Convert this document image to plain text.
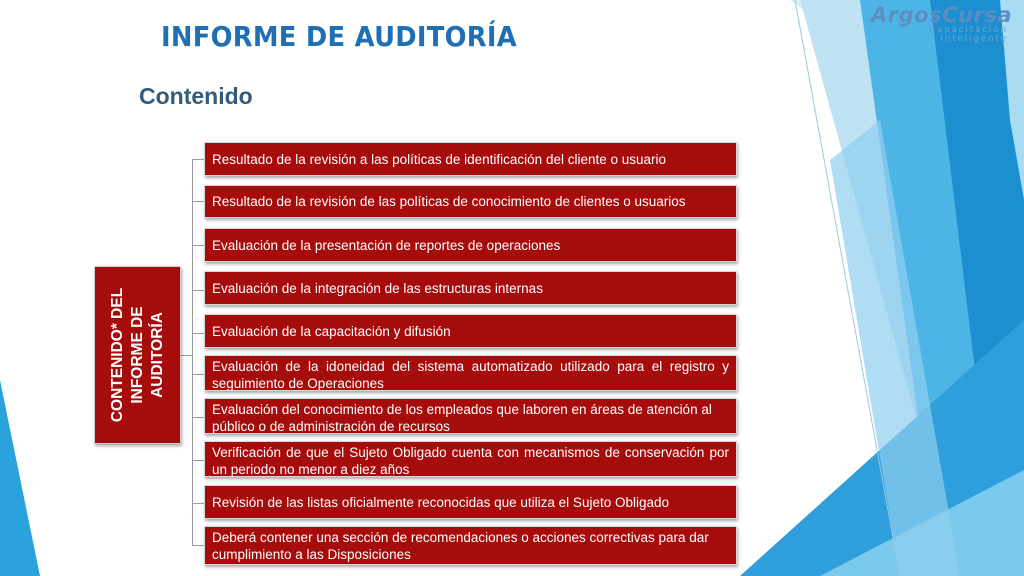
ArgosCursa
Capacitación Inteligente
INFORME DE AUDITORÍA
Contenido
CONTENIDO* DEL INFORME DE AUDITORÍA
Resultado de la revisión a las políticas de identificación del cliente o usuario
Resultado de la revisión de las políticas de conocimiento de clientes o usuarios
Evaluación de la presentación de reportes de operaciones
Evaluación de la integración de las estructuras internas
Evaluación de la capacitación y difusión
Evaluación de la idoneidad del sistema automatizado utilizado para el registro y seguimiento de Operaciones
Evaluación del conocimiento de los empleados que laboren en áreas de atención al público o de administración de recursos
Verificación de que el Sujeto Obligado cuenta con mecanismos de conservación por un periodo no menor a diez años
Revisión de las listas oficialmente reconocidas que utiliza el Sujeto Obligado
Deberá contener una sección de recomendaciones o acciones correctivas para dar cumplimiento a las Disposiciones
